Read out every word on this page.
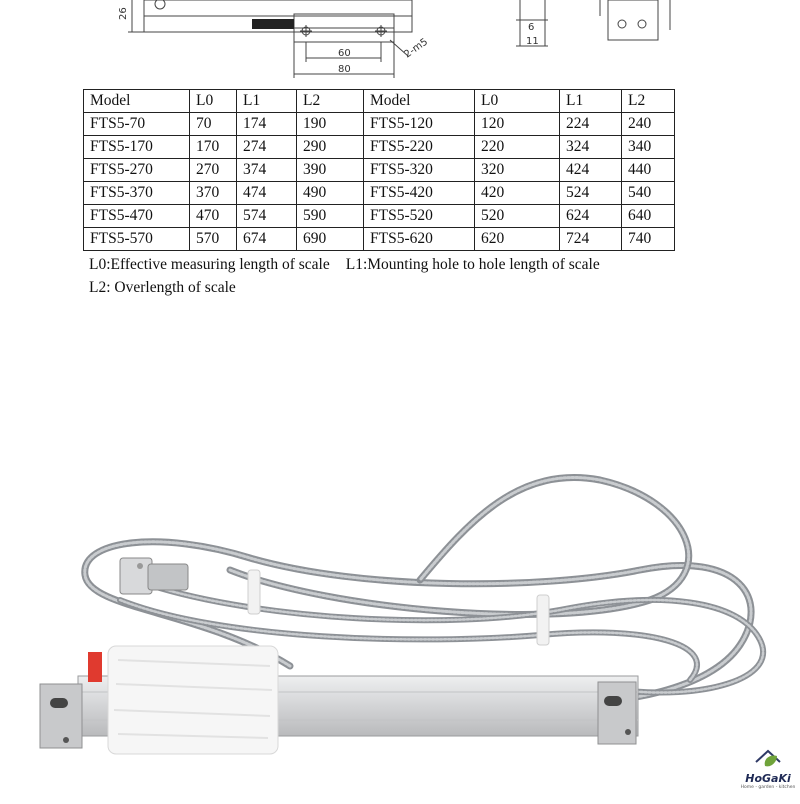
26
60
80
2-m5
6
11
Model	L0	L1	L2	Model	L0	L1	L2
FTS5-70	70	174	190	FTS5-120	120	224	240
FTS5-170	170	274	290	FTS5-220	220	324	340
FTS5-270	270	374	390	FTS5-320	320	424	440
FTS5-370	370	474	490	FTS5-420	420	524	540
FTS5-470	470	574	590	FTS5-520	520	624	640
FTS5-570	570	674	690	FTS5-620	620	724	740
L0:Effective measuring length of scale L1:Mounting hole to hole length of scale
L2: Overlength of scale
HoGaKi
Home - garden - kitchen
